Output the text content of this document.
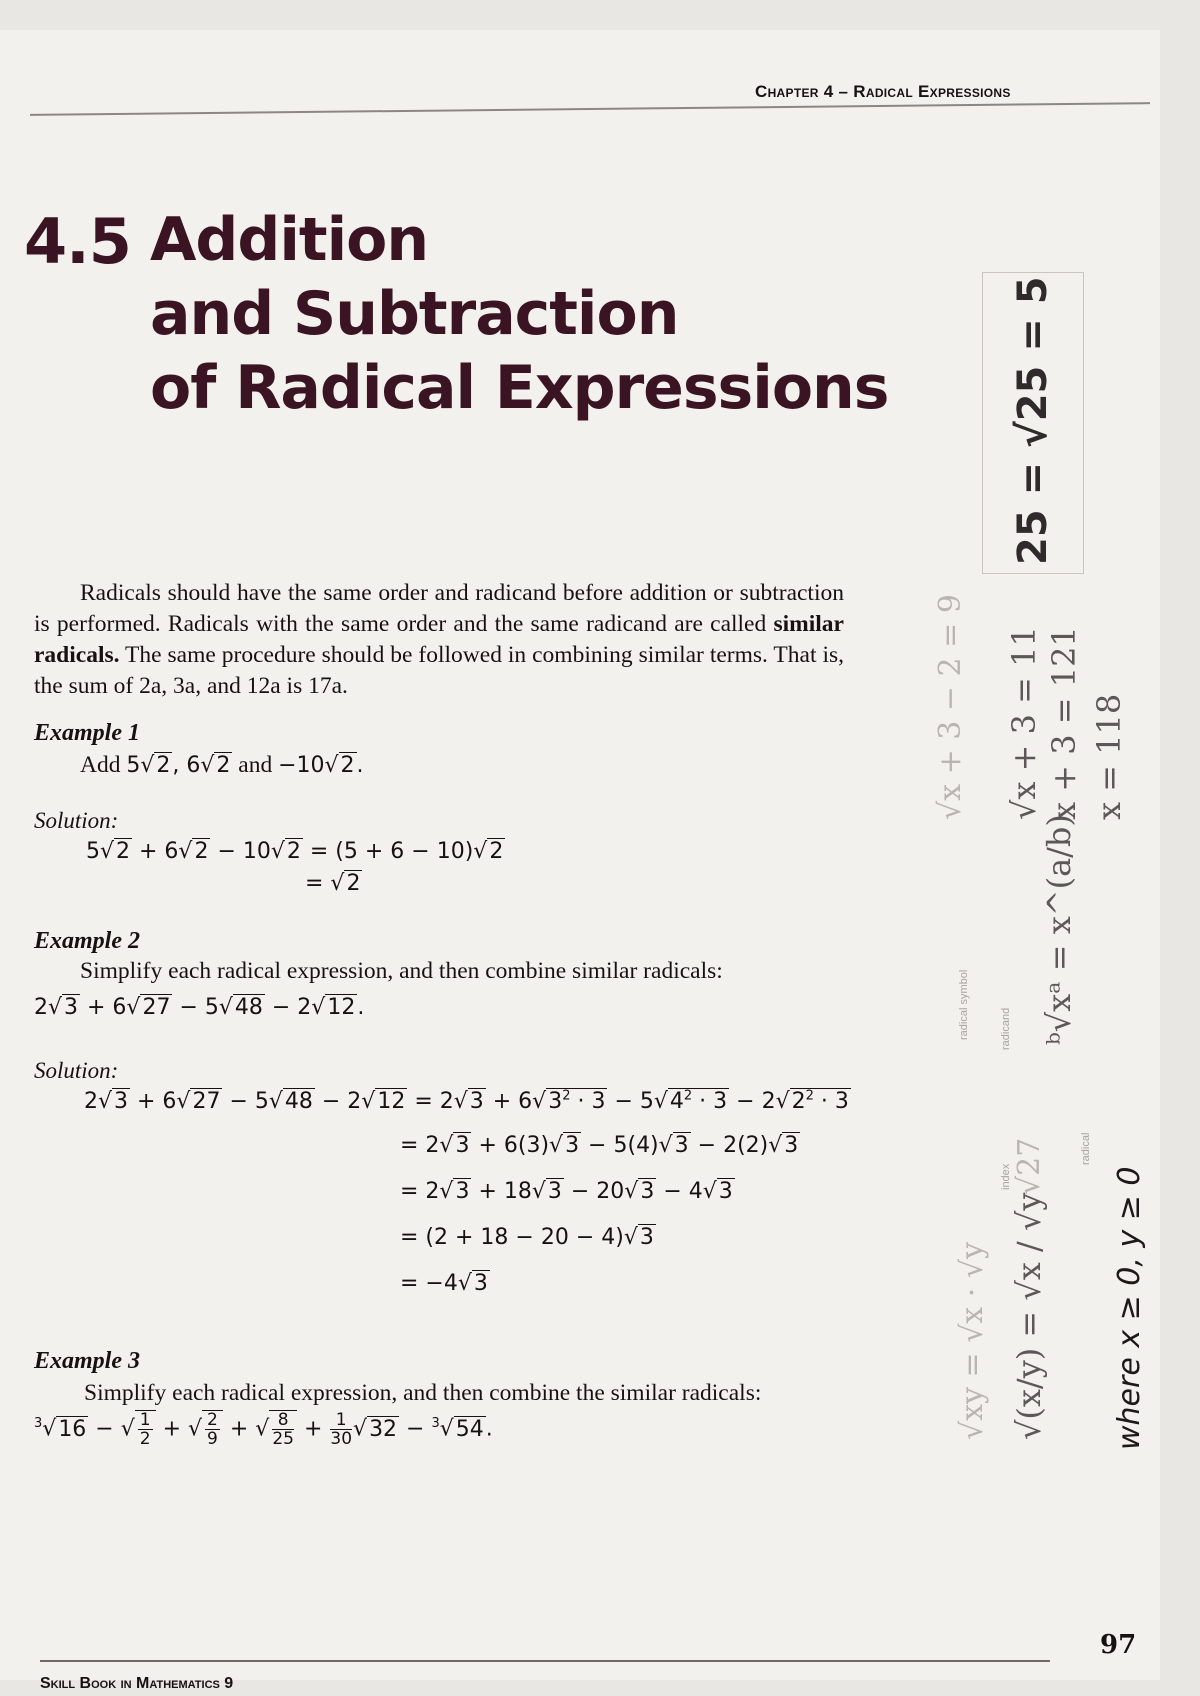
Chapter 4 – Radical Expressions
4.5 Addition
and Subtraction
of Radical Expressions
Radicals should have the same order and radicand before addition or subtraction is performed. Radicals with the same order and the same radicand are called similar radicals. The same procedure should be followed in combining similar terms. That is, the sum of 2a, 3a, and 12a is 17a.
Example 1
Add 5√2, 6√2 and −10√2.
Solution:
5√2 + 6√2 − 10√2 = (5 + 6 − 10)√2
= √2
Example 2
Simplify each radical expression, and then combine similar radicals:
2√3 + 6√27 − 5√48 − 2√12.
Solution:
$2√3 + 6√27 - 5√48 - 2√12 = 2√3 + 6√3^2 \cdot 3 - 5√4^2 \cdot 3 - 2√2^2 \cdot 3$
= 2√3 + 6(3)√3 − 5(4)√3 − 2(2)√3
= 2√3 + 18√3 − 20√3 − 4√3
= (2 + 18 − 20 − 4)√3
= −4√3
Example 3
Simplify each radical expression, and then combine the similar radicals:
$^3$√16 − √ $\frac{1}{2}$ + √ $\frac{2}{9}$ + √ $\frac{8}{25} + \frac{1}{30} √32 - ^3√54$.
25 = √25 = 5
√x + 3 − 2 = 9 √x + 3 = 11 x + 3 = 121 x = 118
ᵇ√xᵃ = x^(a/b)
√27
index
radicand
radical
radical symbol
√xy = √x · √y √(x/y) = √x / √y where x ≥ 0, y ≥ 0
97
Skill Book in Mathematics 9
